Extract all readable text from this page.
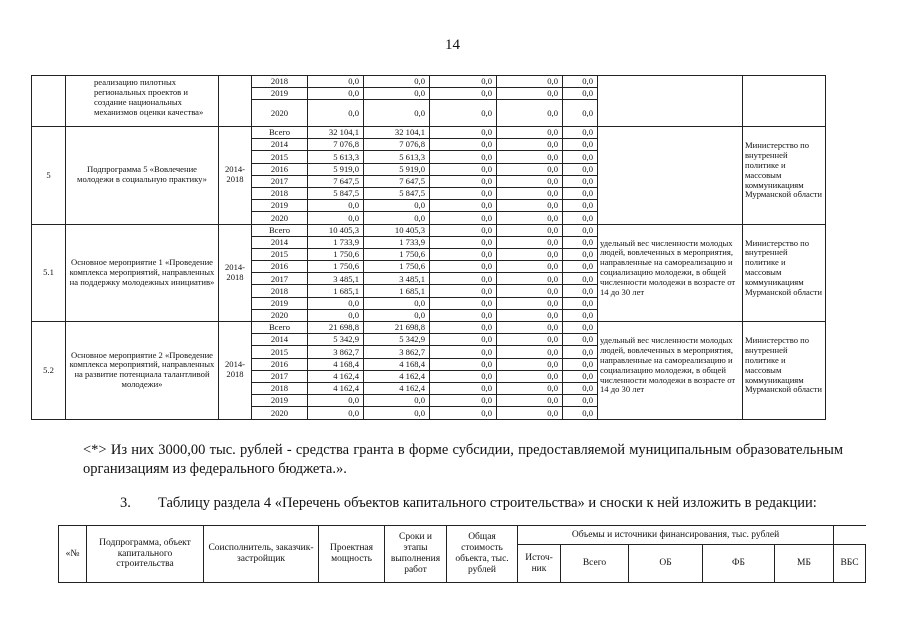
14
	реализацию пилотных региональных проектов и создание национальных механизмов оценки качества»		2018	0,0	0,0	0,0	0,0	0,0		
			2019	0,0	0,0	0,0	0,0	0,0		
			2020	0,0	0,0	0,0	0,0	0,0		
5	Подпрограмма 5 «Вовлечение молодежи в социальную практику»	2014-2018	Всего	32 104,1	32 104,1	0,0	0,0	0,0		Министерство по внутренней политике и массовым коммуникациям Мурманской области
			2014	7 076,8	7 076,8	0,0	0,0	0,0		
			2015	5 613,3	5 613,3	0,0	0,0	0,0		
			2016	5 919,0	5 919,0	0,0	0,0	0,0		
			2017	7 647,5	7 647,5	0,0	0,0	0,0		
			2018	5 847,5	5 847,5	0,0	0,0	0,0		
			2019	0,0	0,0	0,0	0,0	0,0		
			2020	0,0	0,0	0,0	0,0	0,0		
5.1	Основное мероприятие 1 «Проведение комплекса мероприятий, направленных на поддержку молодежных инициатив»	2014-2018	Всего	10 405,3	10 405,3	0,0	0,0	0,0	удельный вес численности молодых людей, вовлеченных в мероприятия, направленные на самореализацию и социализацию молодежи, в общей численности молодежи в возрасте от 14 до 30 лет	Министерство по внутренней политике и массовым коммуникациям Мурманской области
			2014	1 733,9	1 733,9	0,0	0,0	0,0		
			2015	1 750,6	1 750,6	0,0	0,0	0,0		
			2016	1 750,6	1 750,6	0,0	0,0	0,0		
			2017	3 485,1	3 485,1	0,0	0,0	0,0		
			2018	1 685,1	1 685,1	0,0	0,0	0,0		
			2019	0,0	0,0	0,0	0,0	0,0		
			2020	0,0	0,0	0,0	0,0	0,0		
5.2	Основное мероприятие 2 «Проведение комплекса мероприятий, направленных на развитие потенциала талантливой молодежи»	2014-2018	Всего	21 698,8	21 698,8	0,0	0,0	0,0	удельный вес численности молодых людей, вовлеченных в мероприятия, направленные на самореализацию и социализацию молодежи, в общей численности молодежи в возрасте от 14 до 30 лет	Министерство по внутренней политике и массовым коммуникациям Мурманской области
			2014	5 342,9	5 342,9	0,0	0,0	0,0		
			2015	3 862,7	3 862,7	0,0	0,0	0,0		
			2016	4 168,4	4 168,4	0,0	0,0	0,0		
			2017	4 162,4	4 162,4	0,0	0,0	0,0		
			2018	4 162,4	4 162,4	0,0	0,0	0,0		
			2019	0,0	0,0	0,0	0,0	0,0		
			2020	0,0	0,0	0,0	0,0	0,0		
<*> Из них 3000,00 тыс. рублей - средства гранта в форме субсидии, предоставляемой муниципальным образовательным организациям из федерального бюджета.».
3. Таблицу раздела 4 «Перечень объектов капитального строительства» и сноски к ней изложить в редакции:
«№	Подпрограмма, объект капитального строительства	Соисполнитель, заказчик-застройщик	Проектная мощность	Сроки и этапы выполнения работ	Общая стоимость объекта, тыс. рублей	Объемы и источники финансирования, тыс. рублей					
						Источ-ник	Всего	ОБ	ФБ	МБ	ВБС
